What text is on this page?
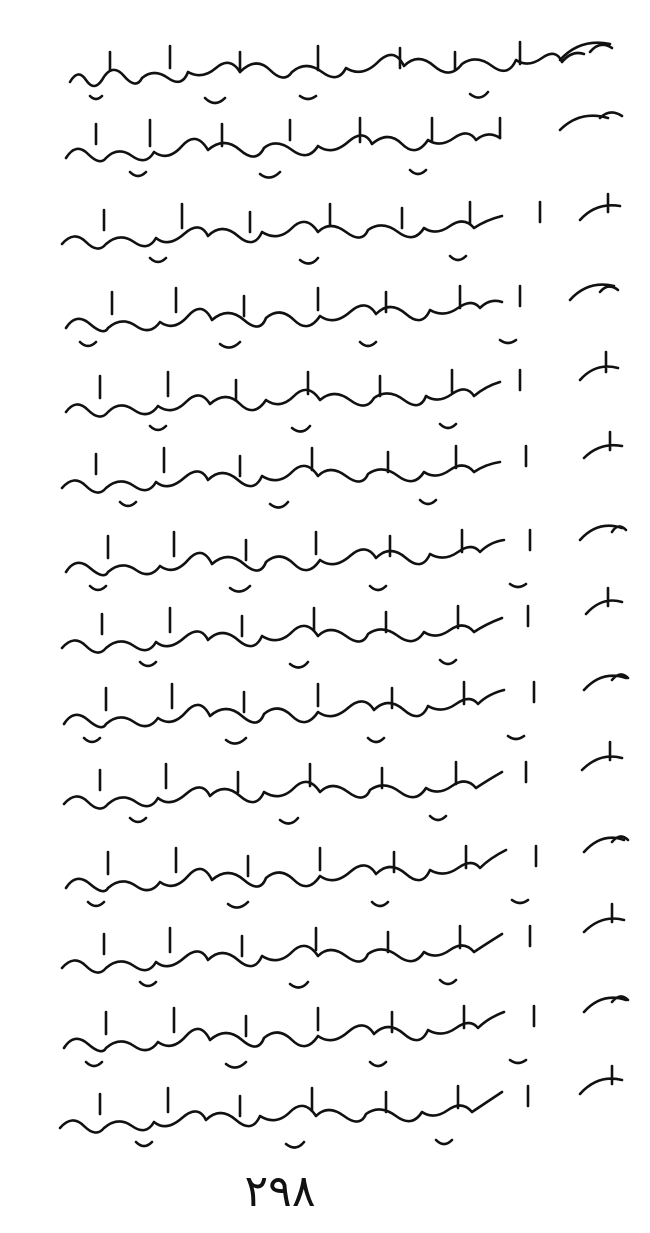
٢٩٨
